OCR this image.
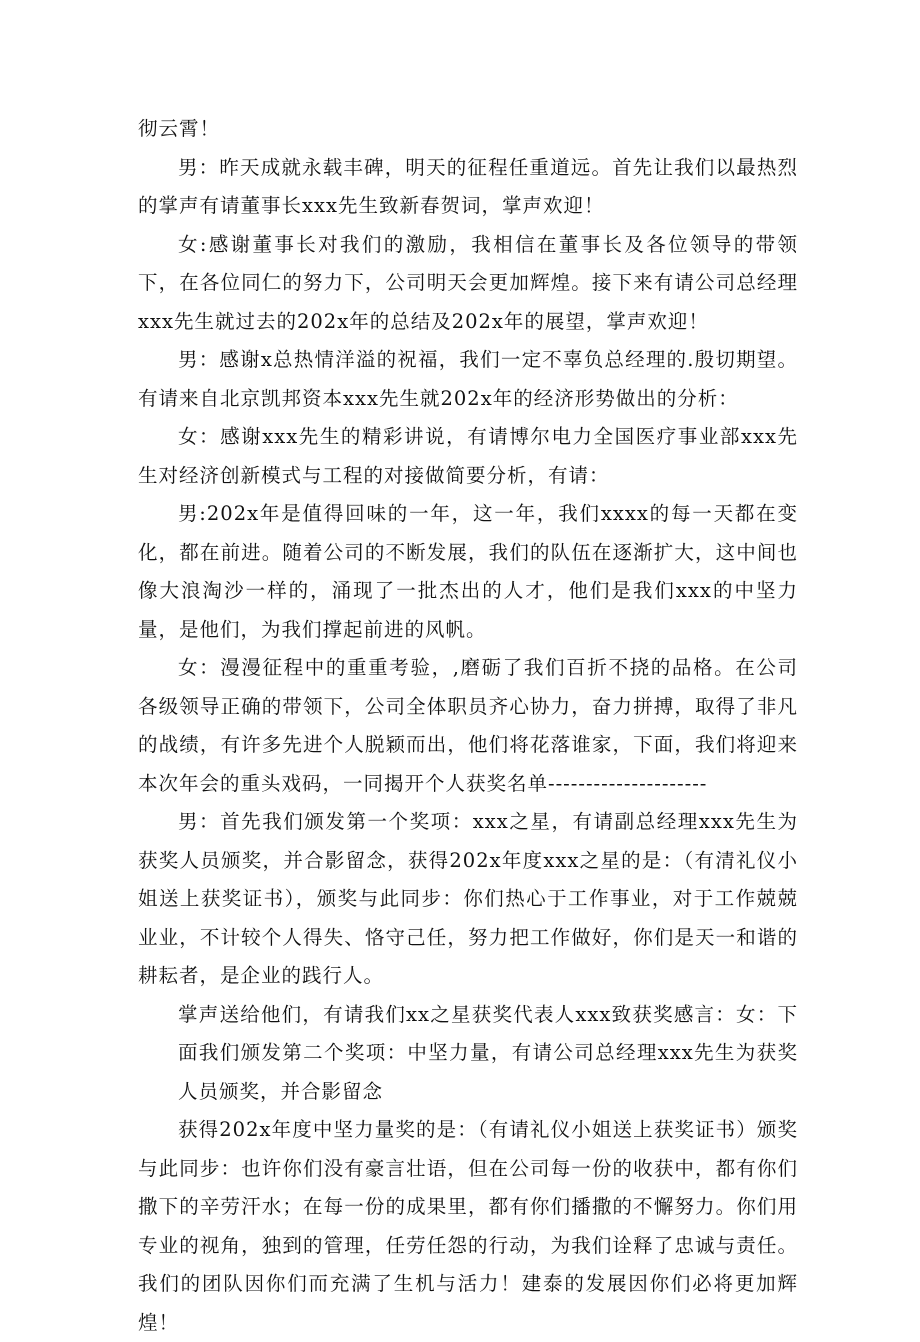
彻云霄！

男：昨天成就永载丰碑，明天的征程任重道远。首先让我们以最热烈的掌声有请董事长xxx先生致新春贺词，掌声欢迎！

女:感谢董事长对我们的激励，我相信在董事长及各位领导的带领下，在各位同仁的努力下，公司明天会更加辉煌。接下来有请公司总经理xxx先生就过去的202x年的总结及202x年的展望，掌声欢迎！

男：感谢x总热情洋溢的祝福，我们一定不辜负总经理的.殷切期望。有请来自北京凯邦资本xxx先生就202x年的经济形势做出的分析：

女：感谢xxx先生的精彩讲说，有请博尔电力全国医疗事业部xxx先生对经济创新模式与工程的对接做简要分析，有请：

男:202x年是值得回味的一年，这一年，我们xxxx的每一天都在变化，都在前进。随着公司的不断发展，我们的队伍在逐渐扩大，这中间也像大浪淘沙一样的，涌现了一批杰出的人才，他们是我们xxx的中坚力量，是他们，为我们撑起前进的风帆。

女：漫漫征程中的重重考验，,磨砺了我们百折不挠的品格。在公司各级领导正确的带领下，公司全体职员齐心协力，奋力拼搏，取得了非凡的战绩，有许多先进个人脱颖而出，他们将花落谁家，下面，我们将迎来本次年会的重头戏码，一同揭开个人获奖名单---------------------

男：首先我们颁发第一个奖项：xxx之星，有请副总经理xxx先生为获奖人员颁奖，并合影留念，获得202x年度xxx之星的是：（有清礼仪小姐送上获奖证书），颁奖与此同步：你们热心于工作事业，对于工作兢兢业业，不计较个人得失、恪守己任，努力把工作做好，你们是天一和谐的耕耘者，是企业的践行人。

掌声送给他们，有请我们xx之星获奖代表人xxx致获奖感言：女：下面我们颁发第二个奖项：中坚力量，有请公司总经理xxx先生为获奖人员颁奖，并合影留念

获得202x年度中坚力量奖的是：（有请礼仪小姐送上获奖证书）颁奖与此同步：也许你们没有豪言壮语，但在公司每一份的收获中，都有你们撒下的辛劳汗水；在每一份的成果里，都有你们播撒的不懈努力。你们用专业的视角，独到的管理，任劳任怨的行动，为我们诠释了忠诚与责任。我们的团队因你们而充满了生机与活力！建泰的发展因你们必将更加辉煌！
